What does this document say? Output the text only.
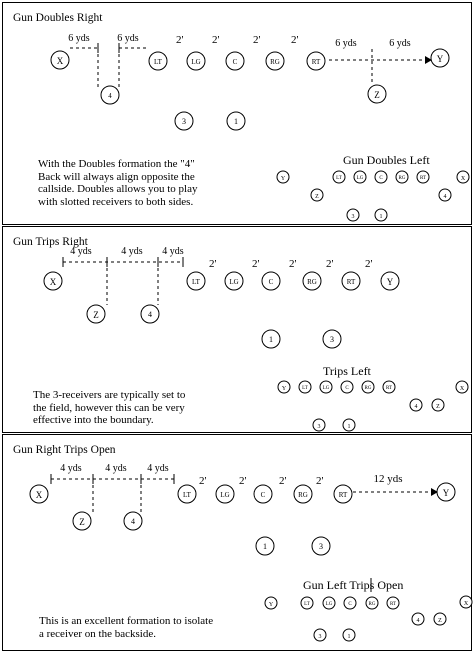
Gun Doubles Right
6 yds	6 yds	2'	2'	2'	2'	6 yds	6 yds
X
4
LT	LG	C	RG	RT	Y
Z
3	1
Y
Z
LT	LG	C	RG	RT
4
X
3	1
With the Doubles formation the "4" Back will always align opposite the callside. Doubles allows you to play with slotted receivers to both sides.
Gun Doubles Left
Gun Trips Right
4 yds	4 yds 4 yds
2'	2'	2'	2'	2'
X
Z	4
LT	LG	C	RG	RT	Y
1	3
Y	LT	LG	C	RG	RT
4	Z
X
3	1
The 3-receivers are typically set to the field, however this can be very effective into the boundary.
Trips Left
Gun Right Trips Open
4 yds 4 yds 4 yds
2'	2'	2'	2'	12 yds
X
Z	4
LT	LG	C	RG	RT	Y
1	3
Y	LT	LG	C	RG	RT
4	Z
X
3	1
This is an excellent formation to isolate a receiver on the backside.
Gun Left Trips Open
